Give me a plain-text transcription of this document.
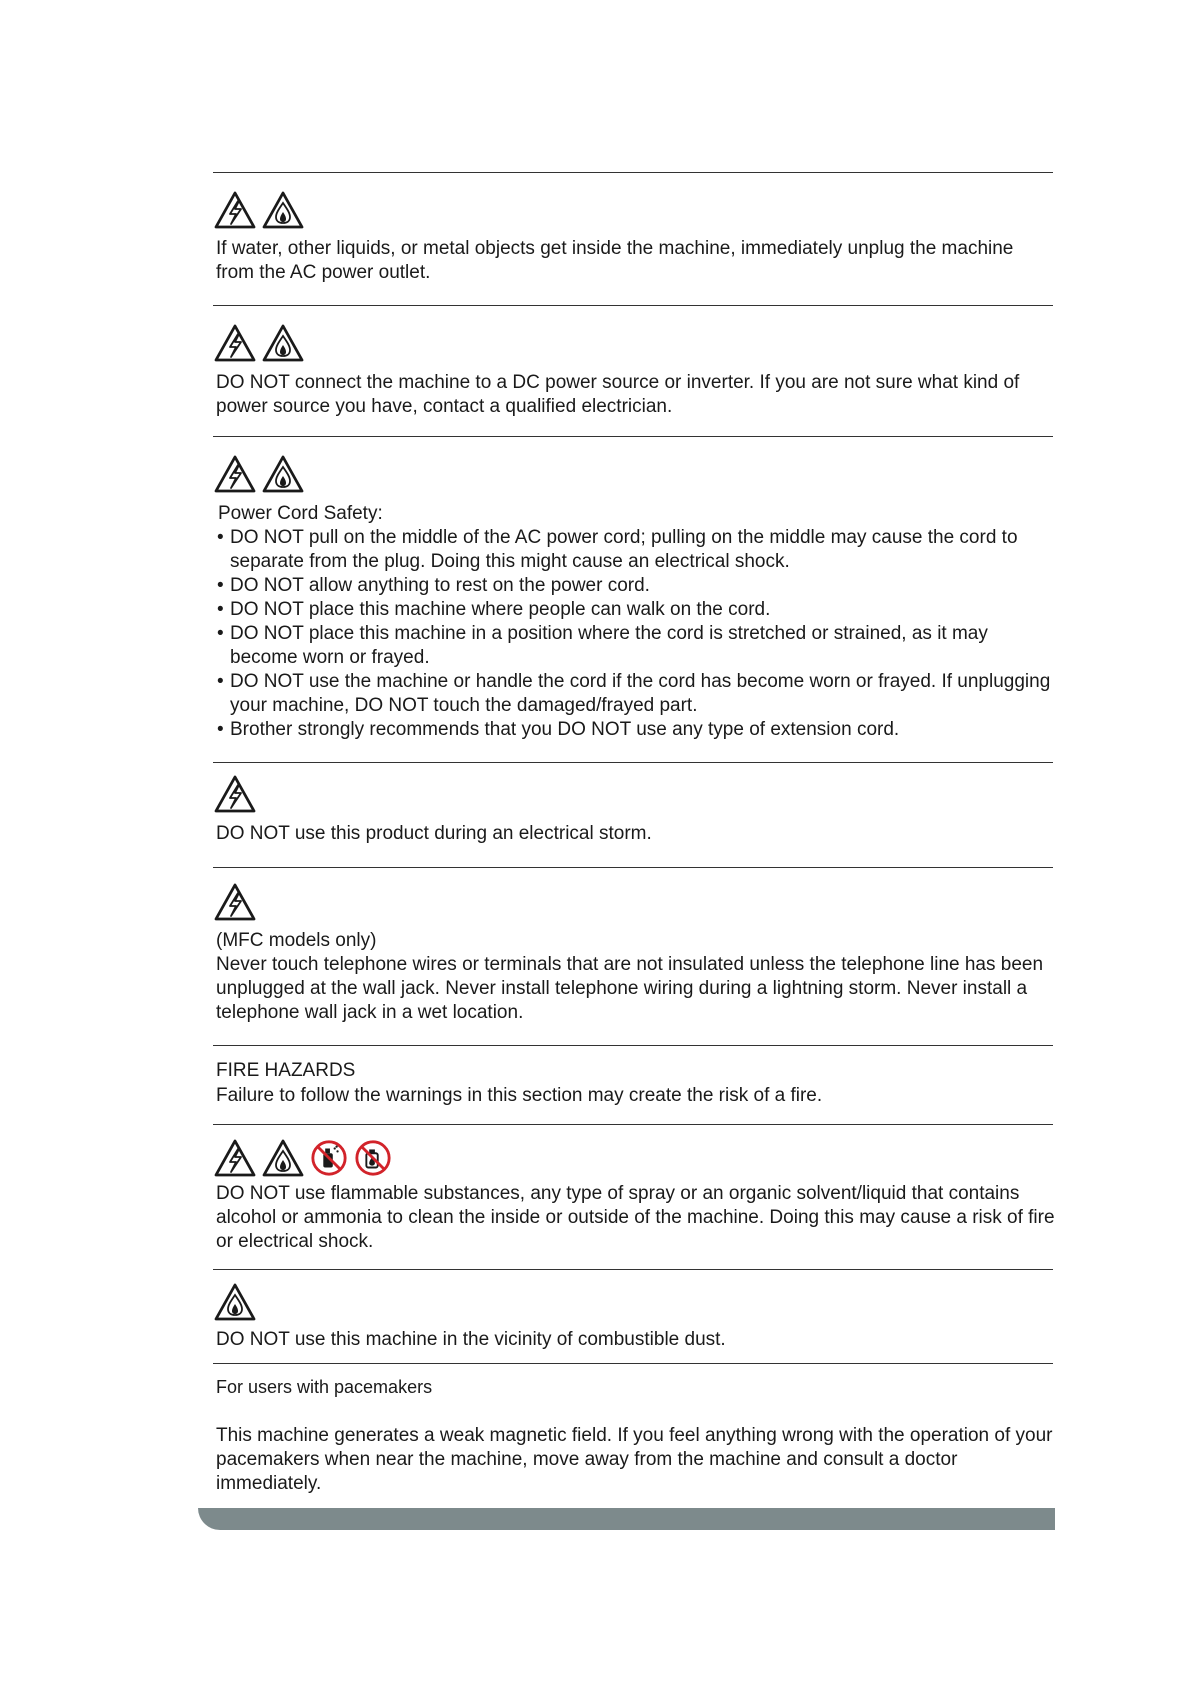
If water, other liquids, or metal objects get inside the machine, immediately unplug the machine from the AC power outlet.

DO NOT connect the machine to a DC power source or inverter. If you are not sure what kind of power source you have, contact a qualified electrician.

Power Cord Safety:

• DO NOT pull on the middle of the AC power cord; pulling on the middle may cause the cord to separate from the plug. Doing this might cause an electrical shock.
• DO NOT allow anything to rest on the power cord.
• DO NOT place this machine where people can walk on the cord.
• DO NOT place this machine in a position where the cord is stretched or strained, as it may become worn or frayed.
• DO NOT use the machine or handle the cord if the cord has become worn or frayed. If unplugging your machine, DO NOT touch the damaged/frayed part.
• Brother strongly recommends that you DO NOT use any type of extension cord.

DO NOT use this product during an electrical storm.

(MFC models only)

Never touch telephone wires or terminals that are not insulated unless the telephone line has been unplugged at the wall jack. Never install telephone wiring during a lightning storm. Never install a telephone wall jack in a wet location.

FIRE HAZARDS

Failure to follow the warnings in this section may create the risk of a fire.

DO NOT use flammable substances, any type of spray or an organic solvent/liquid that contains alcohol or ammonia to clean the inside or outside of the machine. Doing this may cause a risk of fire or electrical shock.

DO NOT use this machine in the vicinity of combustible dust.

For users with pacemakers

This machine generates a weak magnetic field. If you feel anything wrong with the operation of your pacemakers when near the machine, move away from the machine and consult a doctor immediately.
